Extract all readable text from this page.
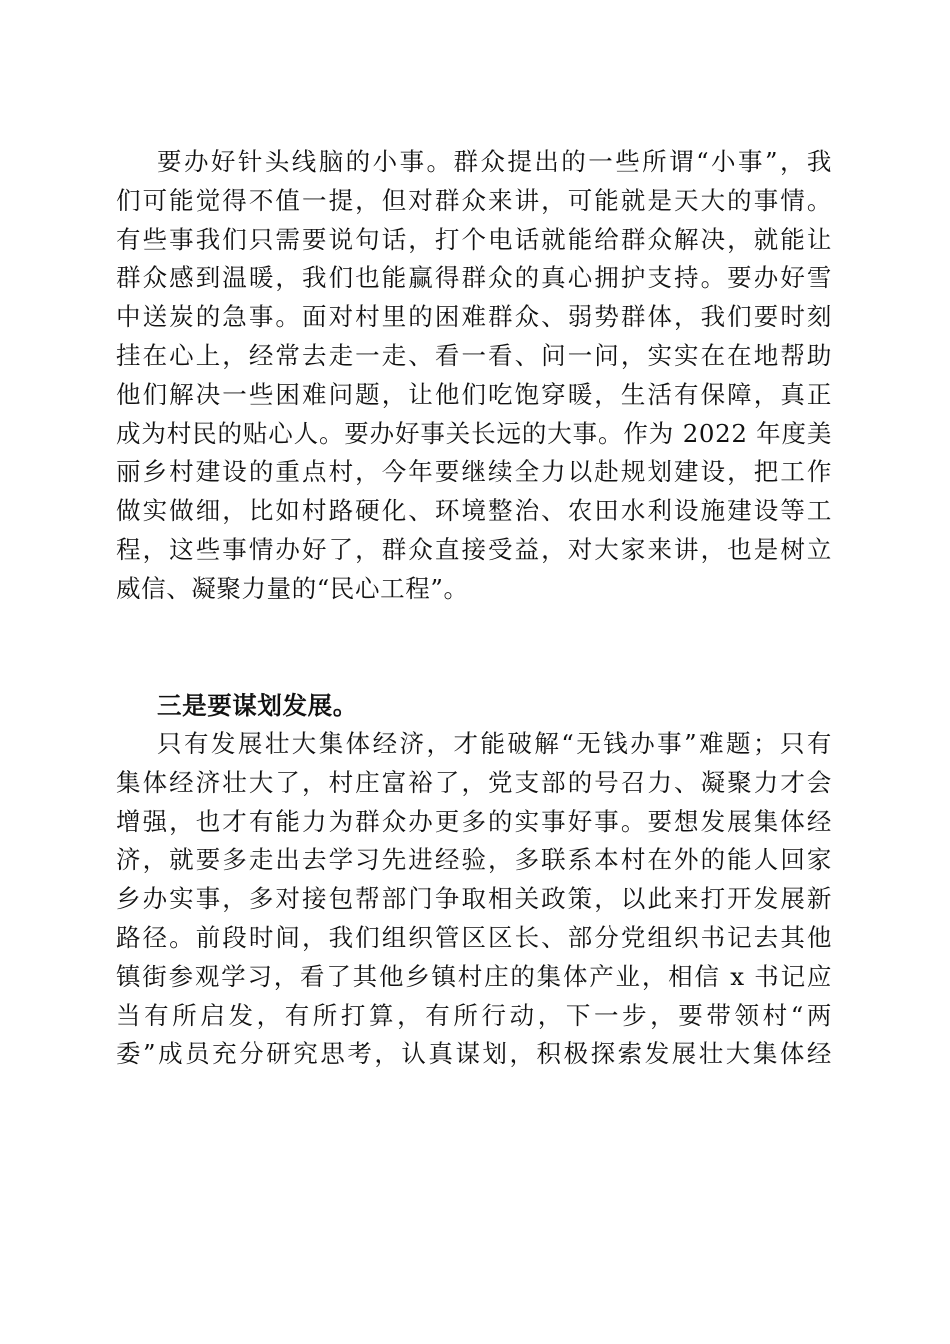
要办好针头线脑的小事。群众提出的一些所谓“小事”，我
们可能觉得不值一提，但对群众来讲，可能就是天大的事情。
有些事我们只需要说句话，打个电话就能给群众解决，就能让
群众感到温暖，我们也能赢得群众的真心拥护支持。要办好雪
中送炭的急事。面对村里的困难群众、弱势群体，我们要时刻
挂在心上，经常去走一走、看一看、问一问，实实在在地帮助
他们解决一些困难问题，让他们吃饱穿暖，生活有保障，真正
成为村民的贴心人。要办好事关长远的大事。作为 2022 年度美
丽乡村建设的重点村，今年要继续全力以赴规划建设，把工作
做实做细，比如村路硬化、环境整治、农田水利设施建设等工
程，这些事情办好了，群众直接受益，对大家来讲，也是树立
威信、凝聚力量的“民心工程”。
三是要谋划发展。
只有发展壮大集体经济，才能破解“无钱办事”难题；只有
集体经济壮大了，村庄富裕了，党支部的号召力、凝聚力才会
增强，也才有能力为群众办更多的实事好事。要想发展集体经
济，就要多走出去学习先进经验，多联系本村在外的能人回家
乡办实事，多对接包帮部门争取相关政策，以此来打开发展新
路径。前段时间，我们组织管区区长、部分党组织书记去其他
镇街参观学习，看了其他乡镇村庄的集体产业，相信 x 书记应
当有所启发，有所打算，有所行动，下一步，要带领村“两
委”成员充分研究思考，认真谋划，积极探索发展壮大集体经
